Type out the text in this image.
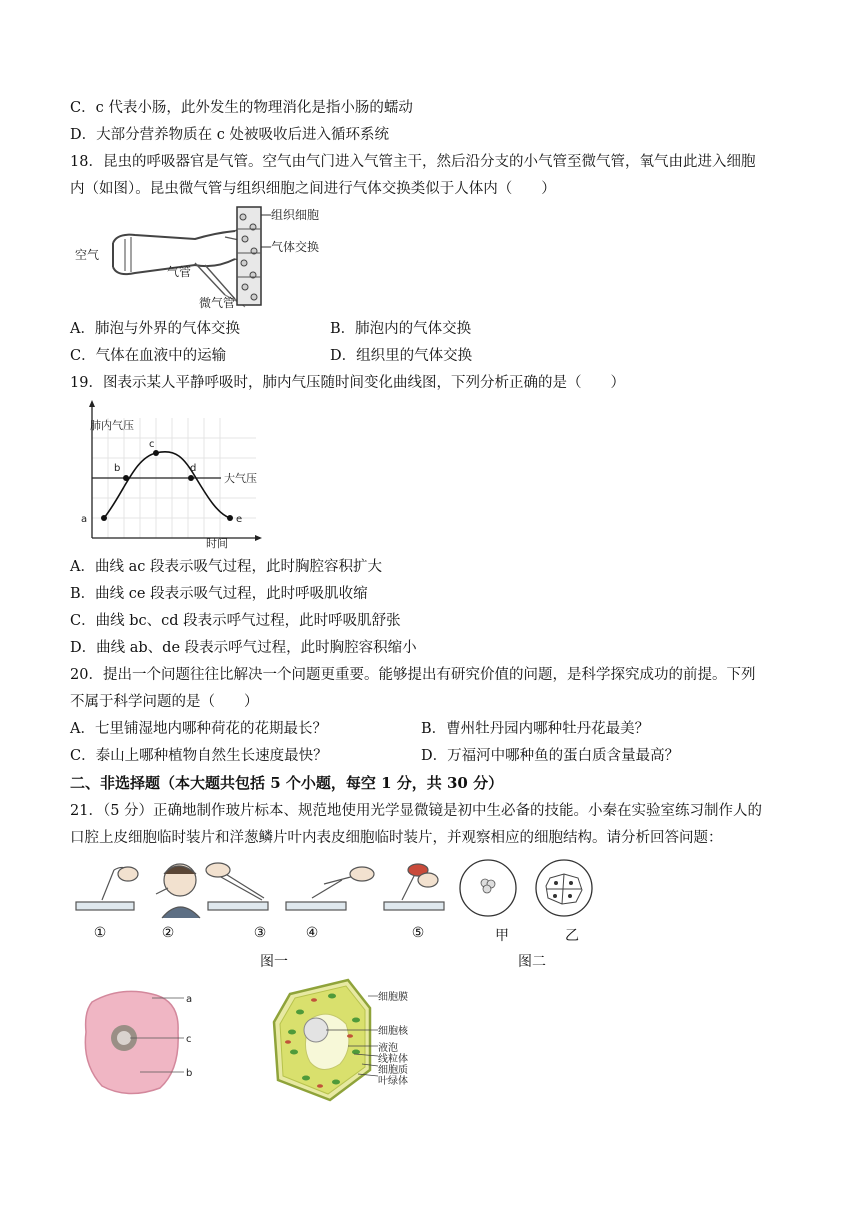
C．c 代表小肠，此外发生的物理消化是指小肠的蠕动
D．大部分营养物质在 c 处被吸收后进入循环系统
18．昆虫的呼吸器官是气管。空气由气门进入气管主干，然后沿分支的小气管至微气管，氧气由此进入细胞
内（如图）。昆虫微气管与组织细胞之间进行气体交换类似于人体内（　　）
空气
气管
微气管
组织细胞
气体交换
A．肺泡与外界的气体交换	B．肺泡内的气体交换
C．气体在血液中的运输	D．组织里的气体交换
19．图表示某人平静呼吸时，肺内气压随时间变化曲线图，下列分析正确的是（　　）
肺内气压
时间
大气压
a
b
c
d
e
A．曲线 ac 段表示吸气过程，此时胸腔容积扩大
B．曲线 ce 段表示吸气过程，此时呼吸肌收缩
C．曲线 bc、cd 段表示呼气过程，此时呼吸肌舒张
D．曲线 ab、de 段表示呼气过程，此时胸腔容积缩小
20．提出一个问题往往比解决一个问题更重要。能够提出有研究价值的问题，是科学探究成功的前提。下列
不属于科学问题的是（　　）
A．七里铺湿地内哪种荷花的花期最长？	B．曹州牡丹园内哪种牡丹花最美？
C．泰山上哪种植物自然生长速度最快？	D．万福河中哪种鱼的蛋白质含量最高？
二、非选择题（本大题共包括 5 个小题，每空 1 分，共 30 分）
21．（5 分）正确地制作玻片标本、规范地使用光学显微镜是初中生必备的技能。小秦在实验室练习制作人的
口腔上皮细胞临时装片和洋葱鳞片叶内表皮细胞临时装片，并观察相应的细胞结构。请分析回答问题：
①	②	③	④	⑤	甲	乙
图一	图二
a
c
b
细胞膜
细胞核
液泡
线粒体
细胞质
叶绿体
